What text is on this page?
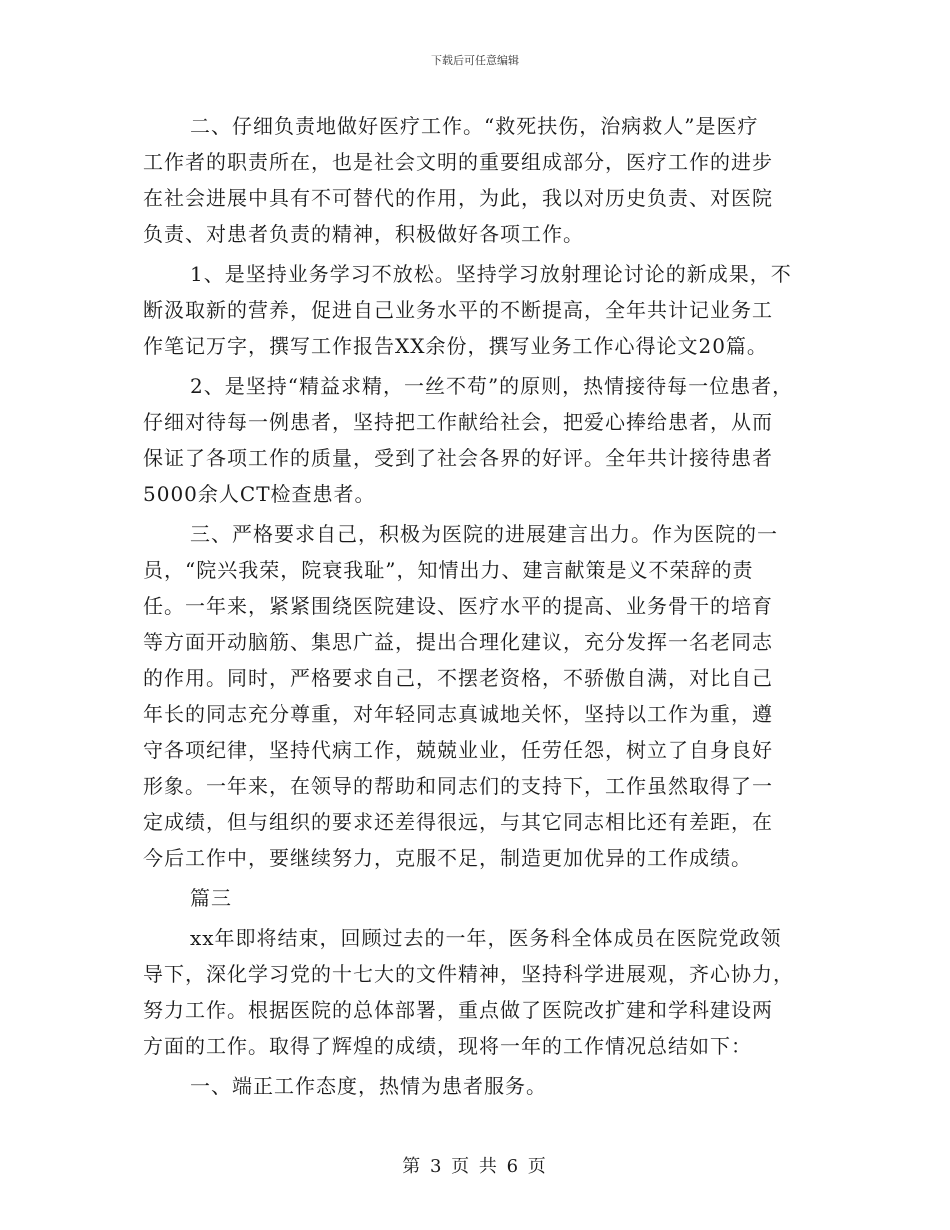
下载后可任意编辑
二、仔细负责地做好医疗工作。“救死扶伤，治病救人”是医疗
工作者的职责所在，也是社会文明的重要组成部分，医疗工作的进步
在社会进展中具有不可替代的作用，为此，我以对历史负责、对医院
负责、对患者负责的精神，积极做好各项工作。
1、是坚持业务学习不放松。坚持学习放射理论讨论的新成果，不
断汲取新的营养，促进自己业务水平的不断提高，全年共计记业务工
作笔记万字，撰写工作报告XX余份，撰写业务工作心得论文20篇。
2、是坚持“精益求精，一丝不苟”的原则，热情接待每一位患者，
仔细对待每一例患者，坚持把工作献给社会，把爱心捧给患者，从而
保证了各项工作的质量，受到了社会各界的好评。全年共计接待患者
5000余人CT检查患者。
三、严格要求自己，积极为医院的进展建言出力。作为医院的一
员，“院兴我荣，院衰我耻”，知情出力、建言献策是义不荣辞的责
任。一年来，紧紧围绕医院建设、医疗水平的提高、业务骨干的培育
等方面开动脑筋、集思广益，提出合理化建议，充分发挥一名老同志
的作用。同时，严格要求自己，不摆老资格，不骄傲自满，对比自己
年长的同志充分尊重，对年轻同志真诚地关怀，坚持以工作为重，遵
守各项纪律，坚持代病工作，兢兢业业，任劳任怨，树立了自身良好
形象。一年来，在领导的帮助和同志们的支持下，工作虽然取得了一
定成绩，但与组织的要求还差得很远，与其它同志相比还有差距，在
今后工作中，要继续努力，克服不足，制造更加优异的工作成绩。
篇三
xx年即将结束，回顾过去的一年，医务科全体成员在医院党政领
导下，深化学习党的十七大的文件精神，坚持科学进展观，齐心协力，
努力工作。根据医院的总体部署，重点做了医院改扩建和学科建设两
方面的工作。取得了辉煌的成绩，现将一年的工作情况总结如下：
一、端正工作态度，热情为患者服务。
第 3 页 共 6 页
